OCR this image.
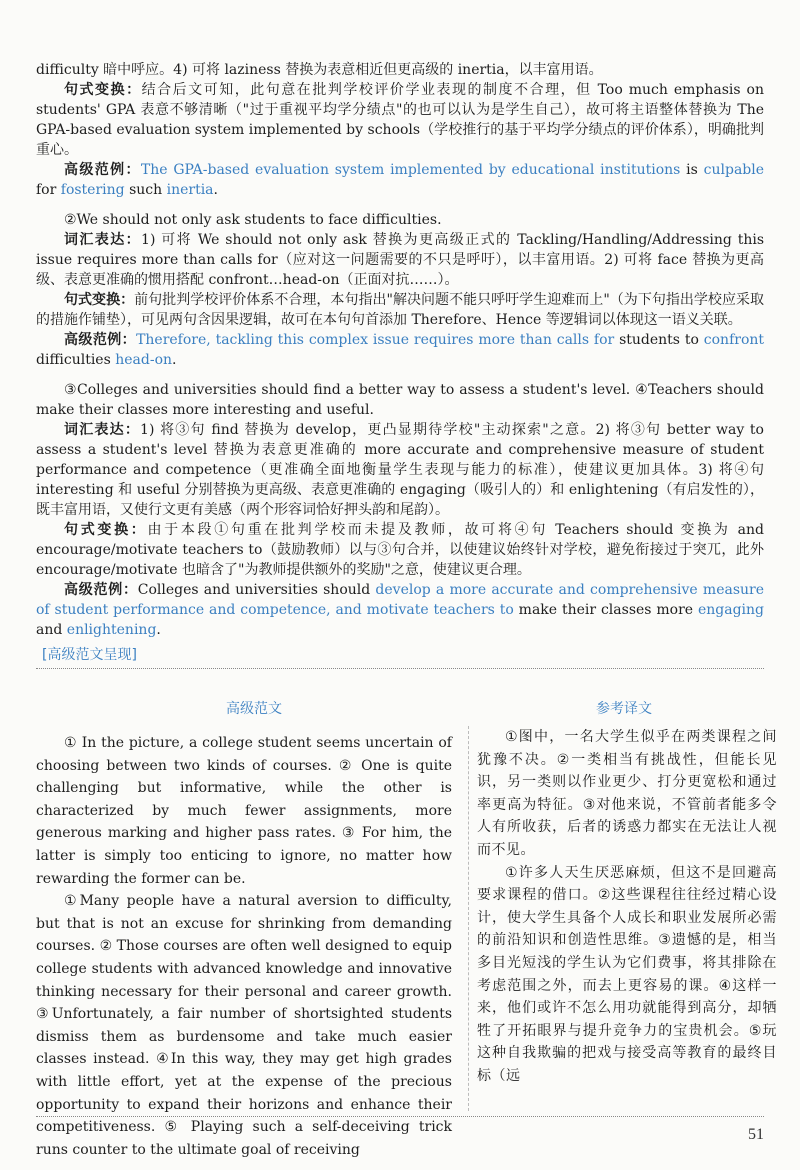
difficulty 暗中呼应。4) 可将 laziness 替换为表意相近但更高级的 inertia，以丰富用语。

句式变换：结合后文可知，此句意在批判学校评价学业表现的制度不合理，但 Too much emphasis on students' GPA 表意不够清晰（"过于重视平均学分绩点"的也可以认为是学生自己），故可将主语整体替换为 The GPA-based evaluation system implemented by schools（学校推行的基于平均学分绩点的评价体系），明确批判重心。

高级范例：The GPA-based evaluation system implemented by educational institutions is culpable for fostering such inertia.

②We should not only ask students to face difficulties.

词汇表达：1) 可将 We should not only ask 替换为更高级正式的 Tackling/Handling/Addressing this issue requires more than calls for（应对这一问题需要的不只是呼吁），以丰富用语。2) 可将 face 替换为更高级、表意更准确的惯用搭配 confront…head-on（正面对抗……）。

句式变换：前句批判学校评价体系不合理，本句指出"解决问题不能只呼吁学生迎难而上"（为下句指出学校应采取的措施作铺垫），可见两句含因果逻辑，故可在本句句首添加 Therefore、Hence 等逻辑词以体现这一语义关联。

高级范例：Therefore, tackling this complex issue requires more than calls for students to confront difficulties head-on.

③Colleges and universities should find a better way to assess a student's level. ④Teachers should make their classes more interesting and useful.

词汇表达：1) 将③句 find 替换为 develop，更凸显期待学校"主动探索"之意。2) 将③句 better way to assess a student's level 替换为表意更准确的 more accurate and comprehensive measure of student performance and competence（更准确全面地衡量学生表现与能力的标准），使建议更加具体。3) 将④句 interesting 和 useful 分别替换为更高级、表意更准确的 engaging（吸引人的）和 enlightening（有启发性的），既丰富用语，又使行文更有美感（两个形容词恰好押头韵和尾韵）。

句式变换：由于本段①句重在批判学校而未提及教师，故可将④句 Teachers should 变换为 and encourage/motivate teachers to（鼓励教师）以与③句合并，以使建议始终针对学校，避免衔接过于突兀，此外 encourage/motivate 也暗含了"为教师提供额外的奖励"之意，使建议更合理。

高级范例：Colleges and universities should develop a more accurate and comprehensive measure of student performance and competence, and motivate teachers to make their classes more engaging and enlightening.

[高级范文呈现]
高级范文	参考译文

① In the picture, a college student seems uncertain of choosing between two kinds of courses. ② One is quite challenging but informative, while the other is characterized by much fewer assignments, more generous marking and higher pass rates. ③ For him, the latter is simply too enticing to ignore, no matter how rewarding the former can be.

①Many people have a natural aversion to difficulty, but that is not an excuse for shrinking from demanding courses. ② Those courses are often well designed to equip college students with advanced knowledge and innovative thinking necessary for their personal and career growth. ③Unfortunately, a fair number of shortsighted students dismiss them as burdensome and take much easier classes instead. ④In this way, they may get high grades with little effort, yet at the expense of the precious opportunity to expand their horizons and enhance their competitiveness. ⑤ Playing such a self-deceiving trick runs counter to the ultimate goal of receiving

①图中，一名大学生似乎在两类课程之间犹豫不决。②一类相当有挑战性，但能长见识，另一类则以作业更少、打分更宽松和通过率更高为特征。③对他来说，不管前者能多令人有所收获，后者的诱惑力都实在无法让人视而不见。

①许多人天生厌恶麻烦，但这不是回避高要求课程的借口。②这些课程往往经过精心设计，使大学生具备个人成长和职业发展所必需的前沿知识和创造性思维。③遗憾的是，相当多目光短浅的学生认为它们费事，将其排除在考虑范围之外，而去上更容易的课。④这样一来，他们或许不怎么用功就能得到高分，却牺牲了开拓眼界与提升竞争力的宝贵机会。⑤玩这种自我欺骗的把戏与接受高等教育的最终目标（远

51
